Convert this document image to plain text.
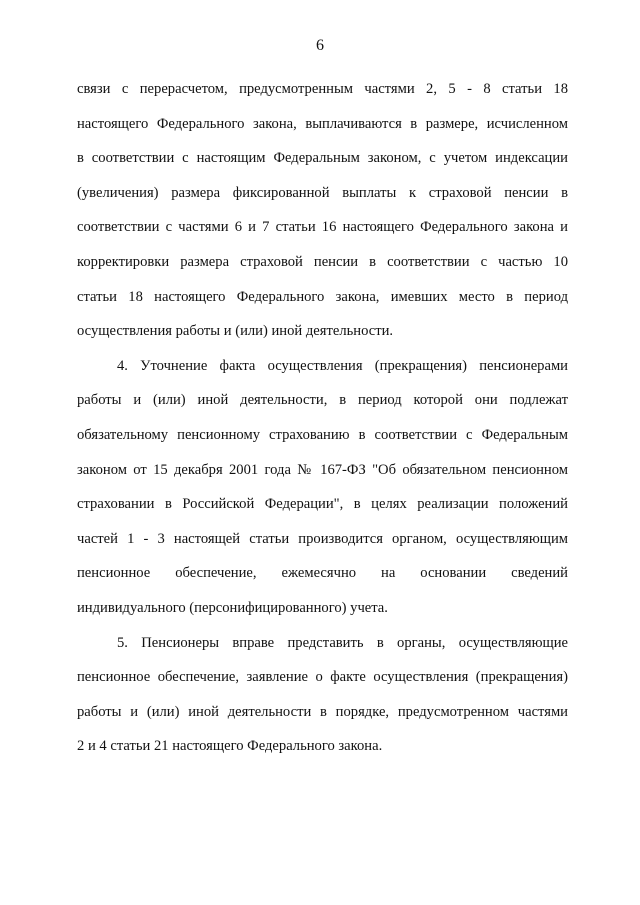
6
связи с перерасчетом, предусмотренным частями 2, 5 - 8 статьи 18
настоящего Федерального закона, выплачиваются в размере, исчисленном
в соответствии с настоящим Федеральным законом, с учетом индексации
(увеличения) размера фиксированной выплаты к страховой пенсии в
соответствии с частями 6 и 7 статьи 16 настоящего Федерального закона и
корректировки размера страховой пенсии в соответствии с частью 10
статьи 18 настоящего Федерального закона, имевших место в период
осуществления работы и (или) иной деятельности.
4. Уточнение факта осуществления (прекращения) пенсионерами
работы и (или) иной деятельности, в период которой они подлежат
обязательному пенсионному страхованию в соответствии с Федеральным
законом от 15 декабря 2001 года № 167-ФЗ "Об обязательном пенсионном
страховании в Российской Федерации", в целях реализации положений
частей 1 - 3 настоящей статьи производится органом, осуществляющим
пенсионное обеспечение, ежемесячно на основании сведений
индивидуального (персонифицированного) учета.
5. Пенсионеры вправе представить в органы, осуществляющие
пенсионное обеспечение, заявление о факте осуществления (прекращения)
работы и (или) иной деятельности в порядке, предусмотренном частями
2 и 4 статьи 21 настоящего Федерального закона.
